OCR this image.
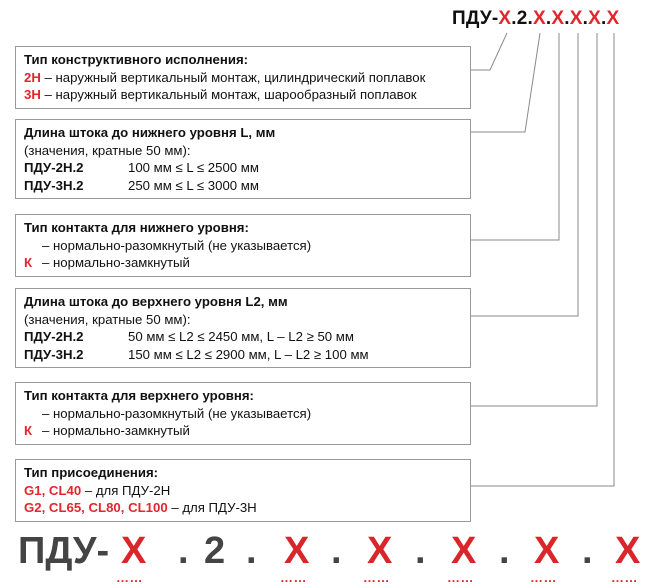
ПДУ-Х.2.Х.Х.Х.Х.Х
Тип конструктивного исполнения:
2Н – наружный вертикальный монтаж, цилиндрический поплавок
3Н – наружный вертикальный монтаж, шарообразный поплавок
Длина штока до нижнего уровня L, мм
(значения, кратные 50 мм):
ПДУ-2Н.2	100 мм ≤ L ≤ 2500 мм
ПДУ-3Н.2	250 мм ≤ L ≤ 3000 мм
Тип контакта для нижнего уровня:
– нормально-разомкнутый (не указывается)
К – нормально-замкнутый
Длина штока до верхнего уровня L2, мм
(значения, кратные 50 мм):
ПДУ-2Н.2	50 мм ≤ L2 ≤ 2450 мм, L – L2 ≥ 50 мм
ПДУ-3Н.2	150 мм ≤ L2 ≤ 2900 мм, L – L2 ≥ 100 мм
Тип контакта для верхнего уровня:
– нормально-разомкнутый (не указывается)
К – нормально-замкнутый
Тип присоединения:
G1, CL40 – для ПДУ-2Н
G2, CL65, CL80, CL100 – для ПДУ-3Н
ПДУ- Х . 2 . Х . Х . Х . Х . Х
……	……	……	……	……	……
